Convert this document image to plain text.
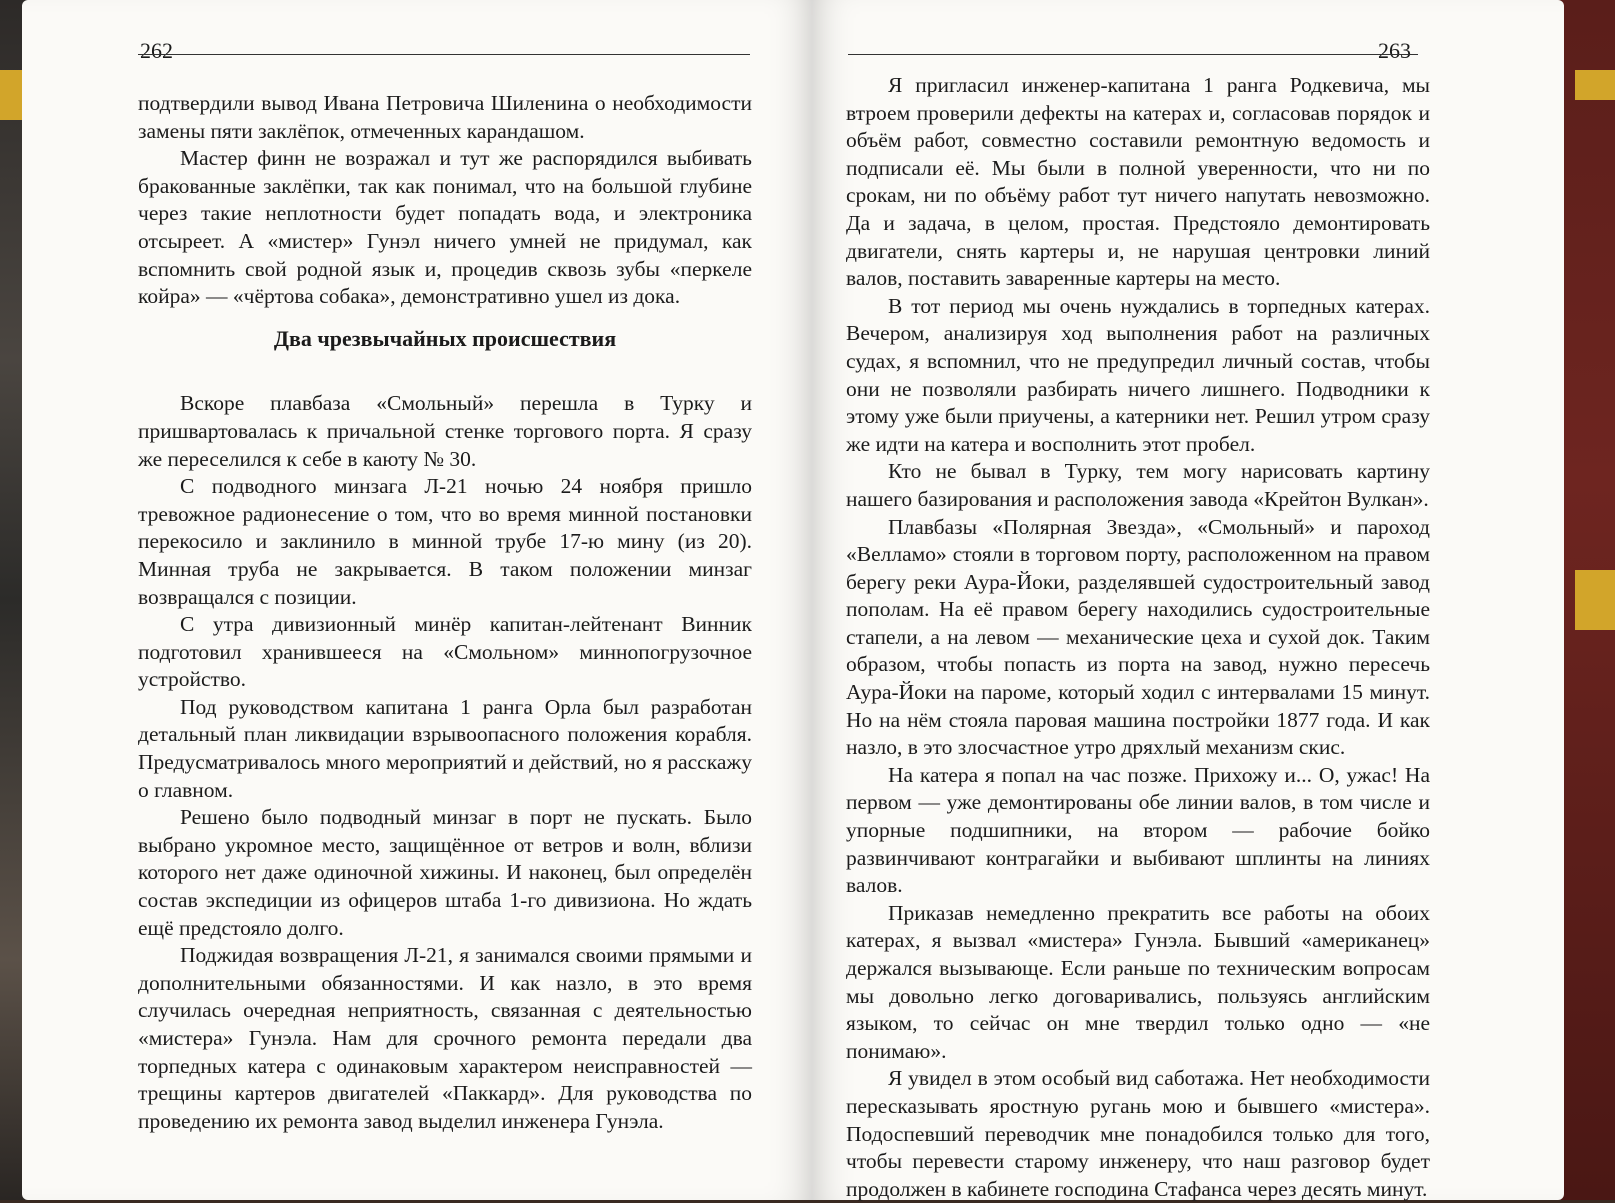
262

подтвердили вывод Ивана Петровича Шиленина о необходимости замены пяти заклёпок, отмеченных карандашом.

Мастер финн не возражал и тут же распорядился выбивать бракованные заклёпки, так как понимал, что на большой глубине через такие неплотности будет попадать вода, и электроника отсыреет. А «мистер» Гунэл ничего умней не придумал, как вспомнить свой родной язык и, процедив сквозь зубы «перкеле койра» — «чёртова собака», демонстративно ушел из дока.

Два чрезвычайных происшествия

Вскоре плавбаза «Смольный» перешла в Турку и пришвартовалась к причальной стенке торгового порта. Я сразу же переселился к себе в каюту № 30.

С подводного минзага Л-21 ночью 24 ноября пришло тревожное радионесение о том, что во время минной постановки перекосило и заклинило в минной трубе 17-ю мину (из 20). Минная труба не закрывается. В таком положении минзаг возвращался с позиции.

С утра дивизионный минёр капитан-лейтенант Винник подготовил хранившееся на «Смольном» миннопогрузочное устройство.

Под руководством капитана 1 ранга Орла был разработан детальный план ликвидации взрывоопасного положения корабля. Предусматривалось много мероприятий и действий, но я расскажу о главном.

Решено было подводный минзаг в порт не пускать. Было выбрано укромное место, защищённое от ветров и волн, вблизи которого нет даже одиночной хижины. И наконец, был определён состав экспедиции из офицеров штаба 1-го дивизиона. Но ждать ещё предстояло долго.

Поджидая возвращения Л-21, я занимался своими прямыми и дополнительными обязанностями. И как назло, в это время случилась очередная неприятность, связанная с деятельностью «мистера» Гунэла. Нам для срочного ремонта передали два торпедных катера с одинаковым характером неисправностей — трещины картеров двигателей «Паккард». Для руководства по проведению их ремонта завод выделил инженера Гунэла.

263

Я пригласил инженер-капитана 1 ранга Родкевича, мы втроем проверили дефекты на катерах и, согласовав порядок и объём работ, совместно составили ремонтную ведомость и подписали её. Мы были в полной уверенности, что ни по срокам, ни по объёму работ тут ничего напутать невозможно. Да и задача, в целом, простая. Предстояло демонтировать двигатели, снять картеры и, не нарушая центровки линий валов, поставить заваренные картеры на место.

В тот период мы очень нуждались в торпедных катерах. Вечером, анализируя ход выполнения работ на различных судах, я вспомнил, что не предупредил личный состав, чтобы они не позволяли разбирать ничего лишнего. Подводники к этому уже были приучены, а катерники нет. Решил утром сразу же идти на катера и восполнить этот пробел.

Кто не бывал в Турку, тем могу нарисовать картину нашего базирования и расположения завода «Крейтон Вулкан».

Плавбазы «Полярная Звезда», «Смольный» и пароход «Велламо» стояли в торговом порту, расположенном на правом берегу реки Аура-Йоки, разделявшей судостроительный завод пополам. На её правом берегу находились судостроительные стапели, а на левом — механические цеха и сухой док. Таким образом, чтобы попасть из порта на завод, нужно пересечь Аура-Йоки на пароме, который ходил с интервалами 15 минут. Но на нём стояла паровая машина постройки 1877 года. И как назло, в это злосчастное утро дряхлый механизм скис.

На катера я попал на час позже. Прихожу и... О, ужас! На первом — уже демонтированы обе линии валов, в том числе и упорные подшипники, на втором — рабочие бойко развинчивают контрагайки и выбивают шплинты на линиях валов.

Приказав немедленно прекратить все работы на обоих катерах, я вызвал «мистера» Гунэла. Бывший «американец» держался вызывающе. Если раньше по техническим вопросам мы довольно легко договаривались, пользуясь английским языком, то сейчас он мне твердил только одно — «не понимаю».

Я увидел в этом особый вид саботажа. Нет необходимости пересказывать яростную ругань мою и бывшего «мистера». Подоспевший переводчик мне понадобился только для того, чтобы перевести старому инженеру, что наш разговор будет продолжен в кабинете господина Стафанса через десять минут.
